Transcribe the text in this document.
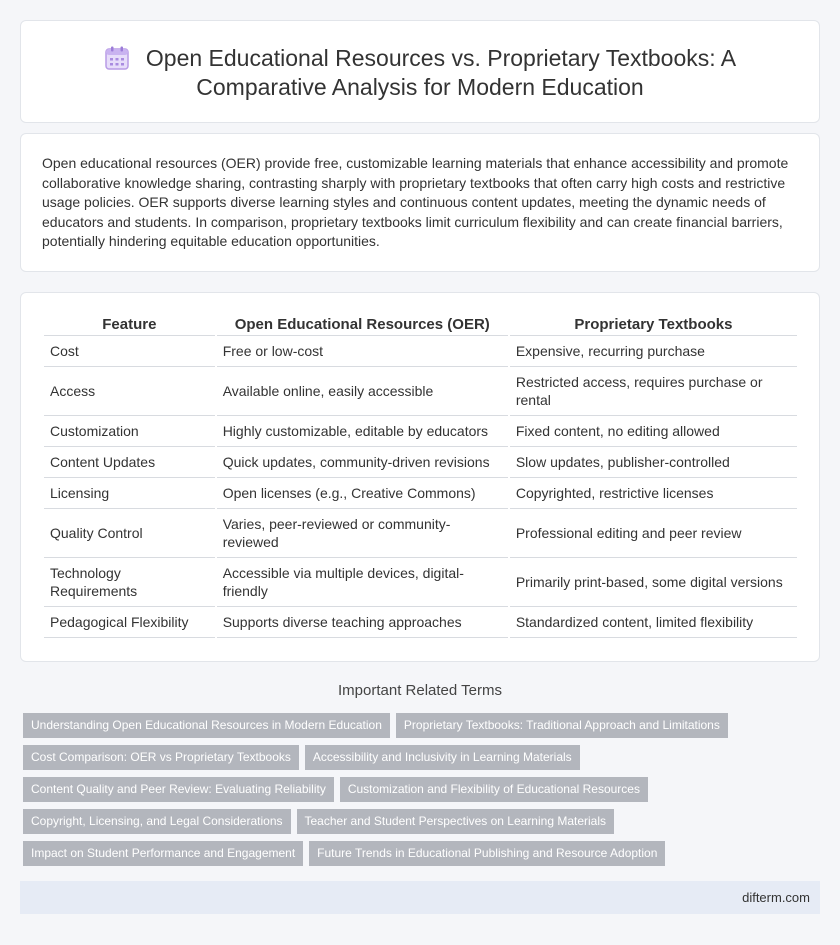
Open Educational Resources vs. Proprietary Textbooks: A
Comparative Analysis for Modern Education

Open educational resources (OER) provide free, customizable learning materials that enhance accessibility and promote collaborative knowledge sharing, contrasting sharply with proprietary textbooks that often carry high costs and restrictive usage policies. OER supports diverse learning styles and continuous content updates, meeting the dynamic needs of educators and students. In comparison, proprietary textbooks limit curriculum flexibility and can create financial barriers, potentially hindering equitable education opportunities.

Feature	Open Educational Resources (OER)	Proprietary Textbooks
Cost	Free or low-cost	Expensive, recurring purchase
Access	Available online, easily accessible	Restricted access, requires purchase or rental
Customization	Highly customizable, editable by educators	Fixed content, no editing allowed
Content Updates	Quick updates, community-driven revisions	Slow updates, publisher-controlled
Licensing	Open licenses (e.g., Creative Commons)	Copyrighted, restrictive licenses
Quality Control	Varies, peer-reviewed or community-reviewed	Professional editing and peer review
Technology Requirements	Accessible via multiple devices, digital-friendly	Primarily print-based, some digital versions
Pedagogical Flexibility	Supports diverse teaching approaches	Standardized content, limited flexibility
Important Related Terms
Understanding Open Educational Resources in Modern Education	Proprietary Textbooks: Traditional Approach and Limitations
Cost Comparison: OER vs Proprietary Textbooks	Accessibility and Inclusivity in Learning Materials
Content Quality and Peer Review: Evaluating Reliability	Customization and Flexibility of Educational Resources
Copyright, Licensing, and Legal Considerations	Teacher and Student Perspectives on Learning Materials
Impact on Student Performance and Engagement	Future Trends in Educational Publishing and Resource Adoption
difterm.com
